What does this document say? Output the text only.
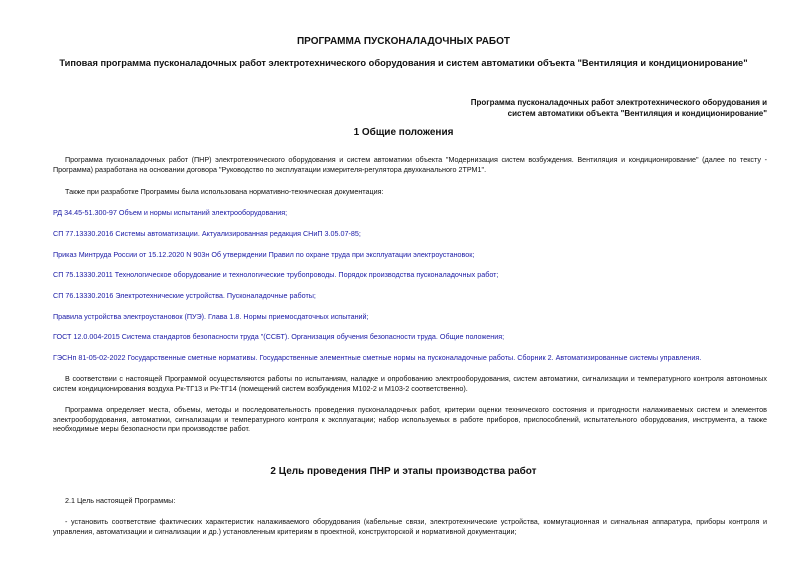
ПРОГРАММА ПУСКОНАЛАДОЧНЫХ РАБОТ
Типовая программа пусконаладочных работ электротехнического оборудования и систем автоматики объекта "Вентиляция и кондиционирование"
Программа пусконаладочных работ электротехнического оборудования и
систем автоматики объекта "Вентиляция и кондиционирование"
1 Общие положения
Программа пусконаладочных работ (ПНР) электротехнического оборудования и систем автоматики объекта "Модернизация систем возбуждения. Вентиляция и кондиционирование" (далее по тексту - Программа) разработана на основании договора "Руководство по эксплуатации измерителя-регулятора двухканального 2ТРМ1".
Также при разработке Программы была использована нормативно-техническая документация:
РД 34.45-51.300-97 Объем и нормы испытаний электрооборудования;
СП 77.13330.2016 Системы автоматизации. Актуализированная редакция СНиП 3.05.07-85;
Приказ Минтруда России от 15.12.2020 N 903н Об утверждении Правил по охране труда при эксплуатации электроустановок;
СП 75.13330.2011 Технологическое оборудование и технологические трубопроводы. Порядок производства пусконаладочных работ;
СП 76.13330.2016 Электротехнические устройства. Пусконаладочные работы;
Правила устройства электроустановок (ПУЭ). Глава 1.8. Нормы приемосдаточных испытаний;
ГОСТ 12.0.004-2015 Система стандартов безопасности труда "(ССБТ). Организация обучения безопасности труда. Общие положения;
ГЭСНп 81-05-02-2022 Государственные сметные нормативы. Государственные элементные сметные нормы на пусконаладочные работы. Сборник 2. Автоматизированные системы управления.
В соответствии с настоящей Программой осуществляются работы по испытаниям, наладке и опробованию электрооборудования, систем автоматики, сигнализации и температурного контроля автономных систем кондиционирования воздуха Рк-ТГ13 и Рк-ТГ14 (помещений систем возбуждения М102-2 и М103-2 соответственно).
Программа определяет места, объемы, методы и последовательность проведения пусконаладочных работ, критерии оценки технического состояния и пригодности налаживаемых систем и элементов электрооборудования, автоматики, сигнализации и температурного контроля к эксплуатации; набор используемых в работе приборов, приспособлений, испытательного оборудования, инструмента, а также необходимые меры безопасности при производстве работ.
2 Цель проведения ПНР и этапы производства работ
2.1 Цель настоящей Программы:
- установить соответствие фактических характеристик налаживаемого оборудования (кабельные связи, электротехнические устройства, коммутационная и сигнальная аппаратура, приборы контроля и управления, автоматизации и сигнализации и др.) установленным критериям в проектной, конструкторской и нормативной документации;
